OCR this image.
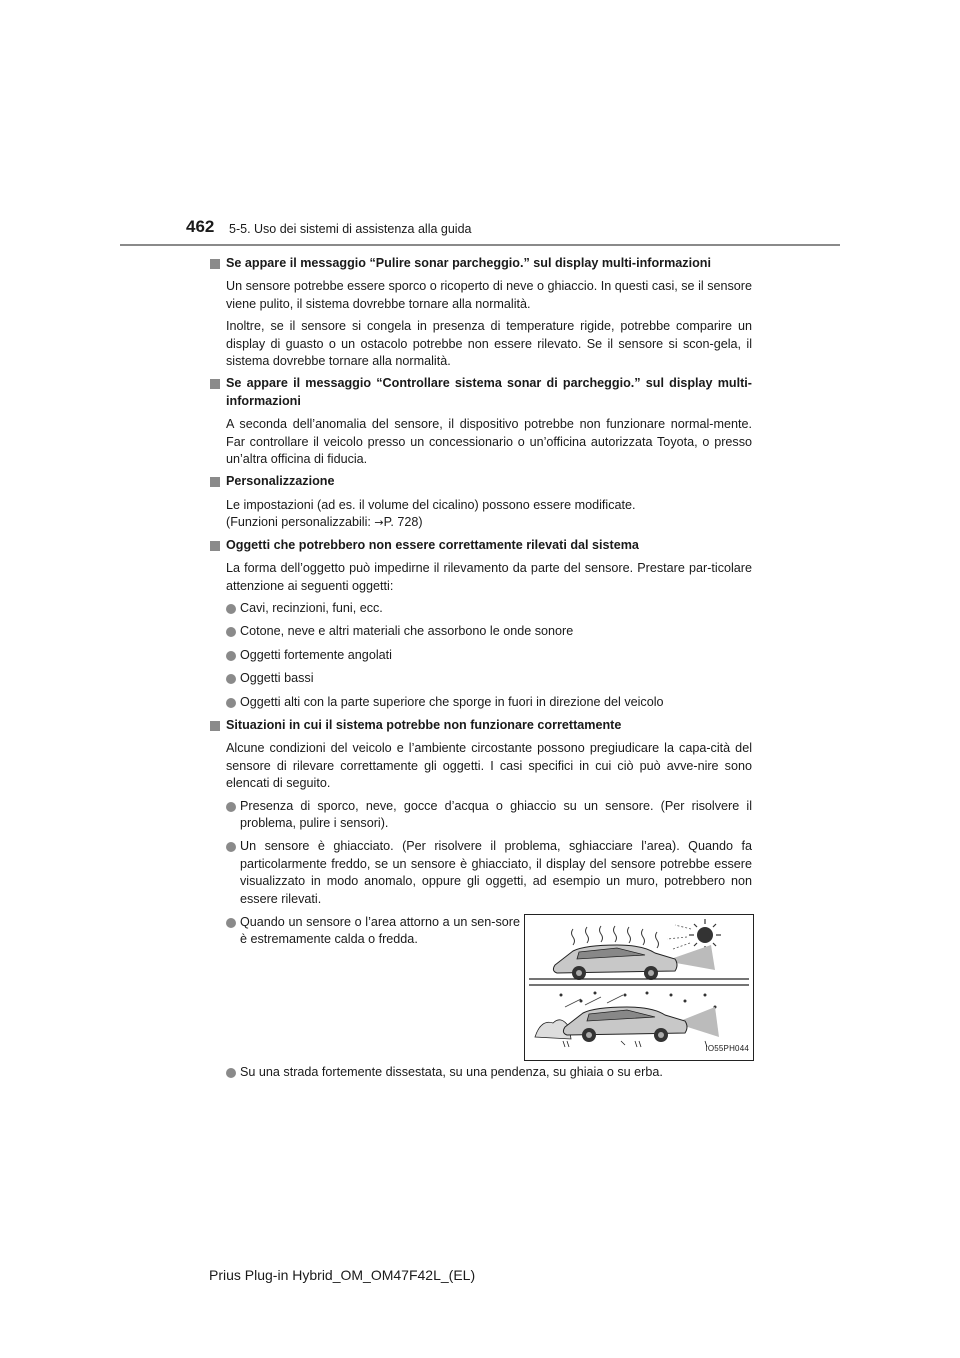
462 5-5. Uso dei sistemi di assistenza alla guida
Se appare il messaggio “Pulire sonar parcheggio.” sul display multi-informazioni
Un sensore potrebbe essere sporco o ricoperto di neve o ghiaccio. In questi casi, se il sensore viene pulito, il sistema dovrebbe tornare alla normalità.
Inoltre, se il sensore si congela in presenza di temperature rigide, potrebbe comparire un display di guasto o un ostacolo potrebbe non essere rilevato. Se il sensore si scon-gela, il sistema dovrebbe tornare alla normalità.
Se appare il messaggio “Controllare sistema sonar di parcheggio.” sul display multi-informazioni
A seconda dell’anomalia del sensore, il dispositivo potrebbe non funzionare normal-mente. Far controllare il veicolo presso un concessionario o un’officina autorizzata Toyota, o presso un’altra officina di fiducia.
Personalizzazione
Le impostazioni (ad es. il volume del cicalino) possono essere modificate.
(Funzioni personalizzabili: →P. 728)
Oggetti che potrebbero non essere correttamente rilevati dal sistema
La forma dell’oggetto può impedirne il rilevamento da parte del sensore. Prestare par-ticolare attenzione ai seguenti oggetti:
Cavi, recinzioni, funi, ecc.
Cotone, neve e altri materiali che assorbono le onde sonore
Oggetti fortemente angolati
Oggetti bassi
Oggetti alti con la parte superiore che sporge in fuori in direzione del veicolo
Situazioni in cui il sistema potrebbe non funzionare correttamente
Alcune condizioni del veicolo e l’ambiente circostante possono pregiudicare la capa-cità del sensore di rilevare correttamente gli oggetti. I casi specifici in cui ciò può avve-nire sono elencati di seguito.
Presenza di sporco, neve, gocce d’acqua o ghiaccio su un sensore. (Per risolvere il problema, pulire i sensori).
Un sensore è ghiacciato. (Per risolvere il problema, sghiacciare l’area). Quando fa particolarmente freddo, se un sensore è ghiacciato, il display del sensore potrebbe essere visualizzato in modo anomalo, oppure gli oggetti, ad esempio un muro, potrebbero non essere rilevati.
Quando un sensore o l’area attorno a un sen-sore è estremamente calda o fredda.
IO55PH044
Su una strada fortemente dissestata, su una pendenza, su ghiaia o su erba.
Prius Plug-in Hybrid_OM_OM47F42L_(EL)
